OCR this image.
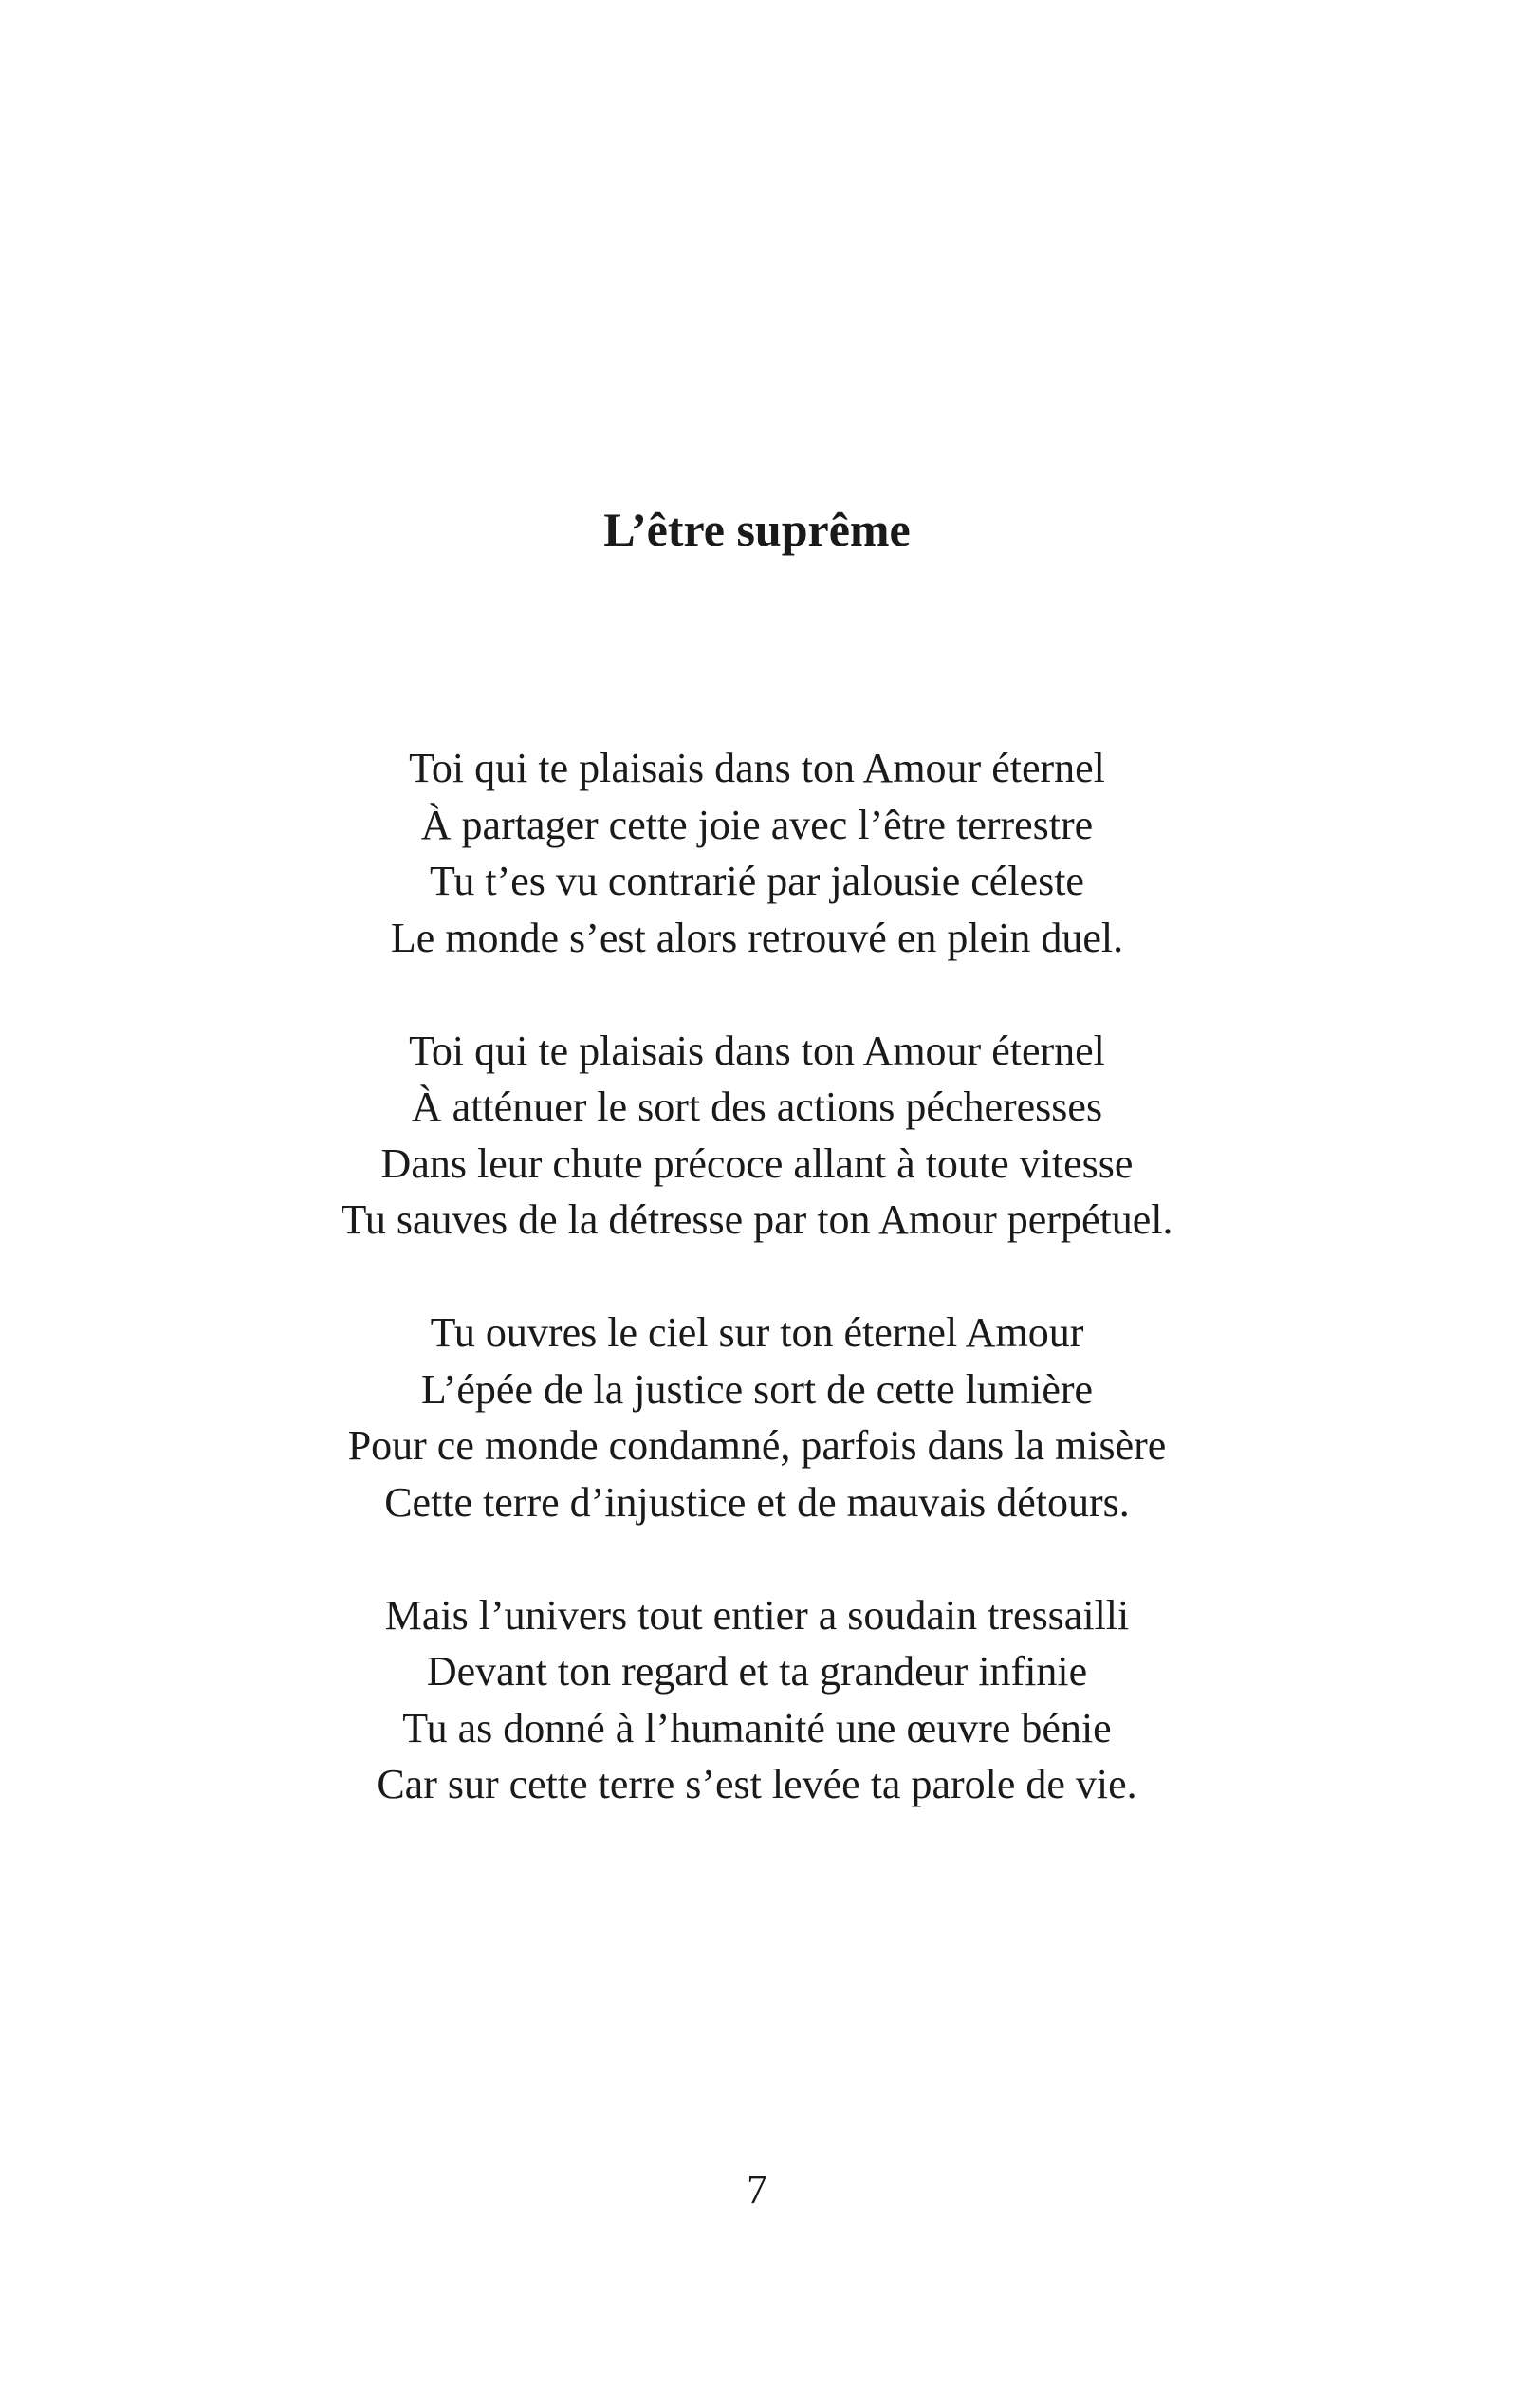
L’être suprême
Toi qui te plaisais dans ton Amour éternel
À partager cette joie avec l’être terrestre
Tu t’es vu contrarié par jalousie céleste
Le monde s’est alors retrouvé en plein duel.
Toi qui te plaisais dans ton Amour éternel
À atténuer le sort des actions pécheresses
Dans leur chute précoce allant à toute vitesse
Tu sauves de la détresse par ton Amour perpétuel.
Tu ouvres le ciel sur ton éternel Amour
L’épée de la justice sort de cette lumière
Pour ce monde condamné, parfois dans la misère
Cette terre d’injustice et de mauvais détours.
Mais l’univers tout entier a soudain tressailli
Devant ton regard et ta grandeur infinie
Tu as donné à l’humanité une œuvre bénie
Car sur cette terre s’est levée ta parole de vie.
7
